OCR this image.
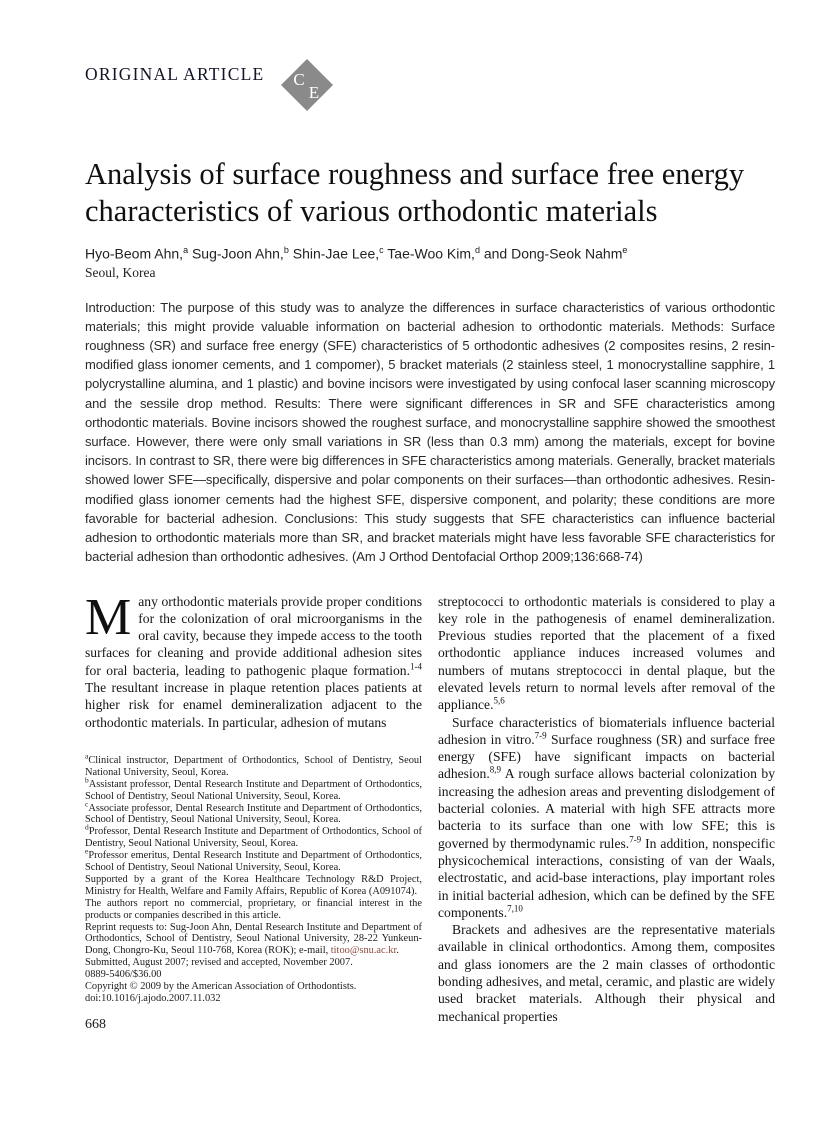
ORIGINAL ARTICLE C
E
Analysis of surface roughness and surface free energy characteristics of various orthodontic materials
Hyo-Beom Ahn,$^a$ Sug-Joon Ahn,$^b$ Shin-Jae Lee,$^c$ Tae-Woo Kim,$^d$ and Dong-Seok Nahm$^e$
Seoul, Korea
Introduction: The purpose of this study was to analyze the differences in surface characteristics of various orthodontic materials; this might provide valuable information on bacterial adhesion to orthodontic materials. Methods: Surface roughness (SR) and surface free energy (SFE) characteristics of 5 orthodontic adhesives (2 composites resins, 2 resin-modified glass ionomer cements, and 1 compomer), 5 bracket materials (2 stainless steel, 1 monocrystalline sapphire, 1 polycrystalline alumina, and 1 plastic) and bovine incisors were investigated by using confocal laser scanning microscopy and the sessile drop method. Results: There were significant differences in SR and SFE characteristics among orthodontic materials. Bovine incisors showed the roughest surface, and monocrystalline sapphire showed the smoothest surface. However, there were only small variations in SR (less than 0.3 mm) among the materials, except for bovine incisors. In contrast to SR, there were big differences in SFE characteristics among materials. Generally, bracket materials showed lower SFE—specifically, dispersive and polar components on their surfaces—than orthodontic adhesives. Resin-modified glass ionomer cements had the highest SFE, dispersive component, and polarity; these conditions are more favorable for bacterial adhesion. Conclusions: This study suggests that SFE characteristics can influence bacterial adhesion to orthodontic materials more than SR, and bracket materials might have less favorable SFE characteristics for bacterial adhesion than orthodontic adhesives. (Am J Orthod Dentofacial Orthop 2009;136:668-74)

Many orthodontic materials provide proper conditions for the colonization of oral microorganisms in the oral cavity, because they impede access to the tooth surfaces for cleaning and provide additional adhesion sites for oral bacteria, leading to pathogenic plaque formation.$^{1-4}$ The resultant increase in plaque retention places patients at higher risk for enamel demineralization adjacent to the orthodontic materials. In particular, adhesion of mutans

$^a$Clinical instructor, Department of Orthodontics, School of Dentistry, Seoul National University, Seoul, Korea.

$^b$Assistant professor, Dental Research Institute and Department of Orthodontics, School of Dentistry, Seoul National University, Seoul, Korea.

$^c$Associate professor, Dental Research Institute and Department of Orthodontics, School of Dentistry, Seoul National University, Seoul, Korea.

$^d$Professor, Dental Research Institute and Department of Orthodontics, School of Dentistry, Seoul National University, Seoul, Korea.

$^e$Professor emeritus, Dental Research Institute and Department of Orthodontics, School of Dentistry, Seoul National University, Seoul, Korea.

Supported by a grant of the Korea Healthcare Technology R&D Project, Ministry for Health, Welfare and Family Affairs, Republic of Korea (A091074).

The authors report no commercial, proprietary, or financial interest in the products or companies described in this article.

Reprint requests to: Sug-Joon Ahn, Dental Research Institute and Department of Orthodontics, School of Dentistry, Seoul National University, 28-22 Yunkeun-Dong, Chongro-Ku, Seoul 110-768, Korea (ROK); e-mail, titoo@snu.ac.kr.

Submitted, August 2007; revised and accepted, November 2007.

0889-5406/$36.00

Copyright © 2009 by the American Association of Orthodontists.

doi:10.1016/j.ajodo.2007.11.032

668

streptococci to orthodontic materials is considered to play a key role in the pathogenesis of enamel demineralization. Previous studies reported that the placement of a fixed orthodontic appliance induces increased volumes and numbers of mutans streptococci in dental plaque, but the elevated levels return to normal levels after removal of the appliance.$^{5,6}$

Surface characteristics of biomaterials influence bacterial adhesion in vitro.$^{7-9}$ Surface roughness (SR) and surface free energy (SFE) have significant impacts on bacterial adhesion.$^{8,9}$ A rough surface allows bacterial colonization by increasing the adhesion areas and preventing dislodgement of bacterial colonies. A material with high SFE attracts more bacteria to its surface than one with low SFE; this is governed by thermodynamic rules.$^{7-9}$ In addition, nonspecific physicochemical interactions, consisting of van der Waals, electrostatic, and acid-base interactions, play important roles in initial bacterial adhesion, which can be defined by the SFE components.$^{7,10}$

Brackets and adhesives are the representative materials available in clinical orthodontics. Among them, composites and glass ionomers are the 2 main classes of orthodontic bonding adhesives, and metal, ceramic, and plastic are widely used bracket materials. Although their physical and mechanical properties
